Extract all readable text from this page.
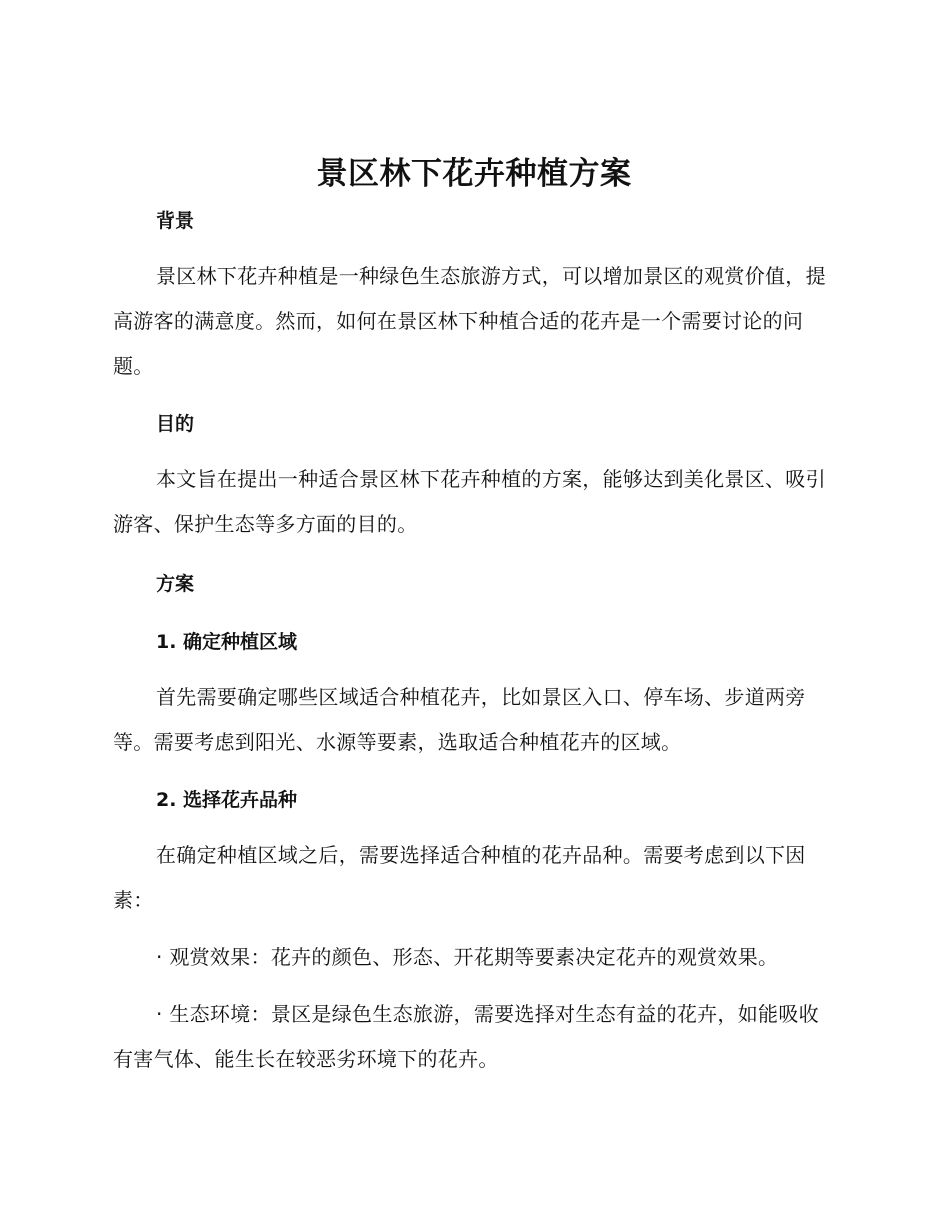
景区林下花卉种植方案
背景

景区林下花卉种植是一种绿色生态旅游方式，可以增加景区的观赏价值，提高游客的满意度。然而，如何在景区林下种植合适的花卉是一个需要讨论的问题。

目的

本文旨在提出一种适合景区林下花卉种植的方案，能够达到美化景区、吸引游客、保护生态等多方面的目的。

方案
1. 确定种植区域

首先需要确定哪些区域适合种植花卉，比如景区入口、停车场、步道两旁等。需要考虑到阳光、水源等要素，选取适合种植花卉的区域。

2. 选择花卉品种

在确定种植区域之后，需要选择适合种植的花卉品种。需要考虑到以下因素：

· 观赏效果：花卉的颜色、形态、开花期等要素决定花卉的观赏效果。

· 生态环境：景区是绿色生态旅游，需要选择对生态有益的花卉，如能吸收有害气体、能生长在较恶劣环境下的花卉。
